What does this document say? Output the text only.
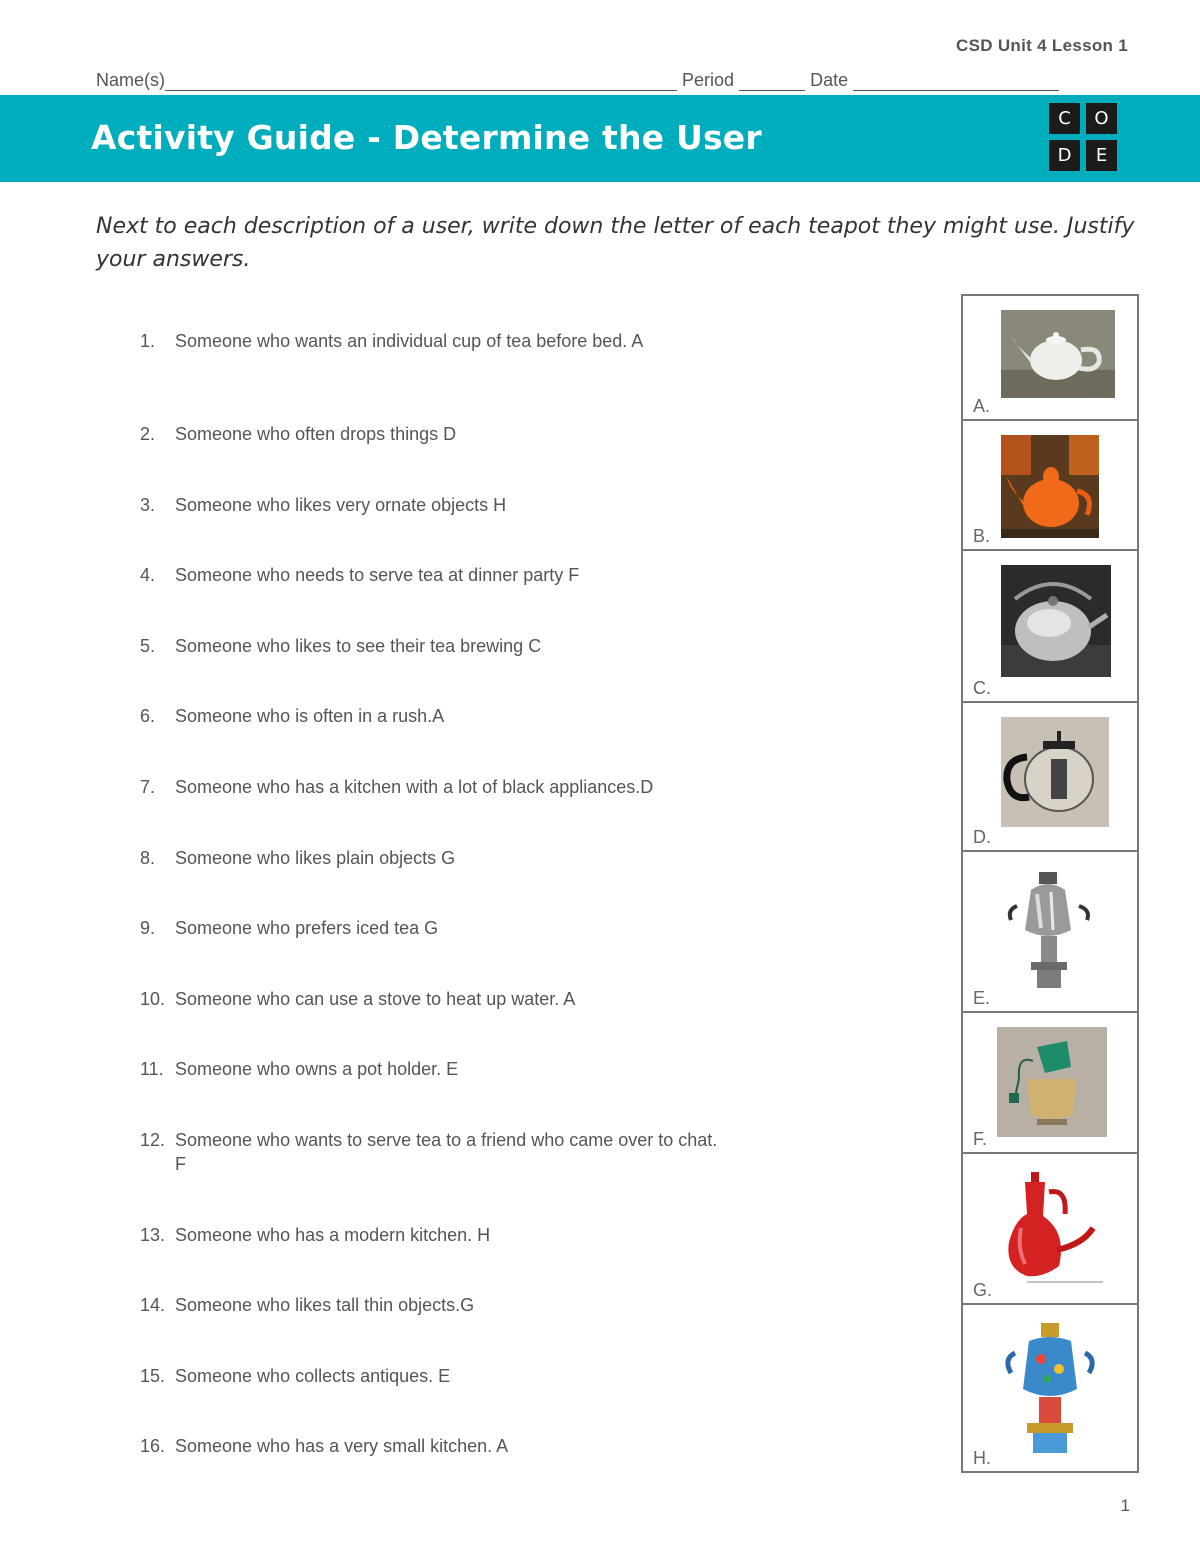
CSD Unit 4 Lesson 1
Name(s)	Period	Date
Activity Guide - Determine the User	C	O
D	E
Next to each description of a user, write down the letter of each teapot they might use. Justify your answers.
1. Someone who wants an individual cup of tea before bed. A
2. Someone who often drops things D
3. Someone who likes very ornate objects H
4. Someone who needs to serve tea at dinner party F
5. Someone who likes to see their tea brewing C
6. Someone who is often in a rush.A
7. Someone who has a kitchen with a lot of black appliances.D
8. Someone who likes plain objects G
9. Someone who prefers iced tea G
10. Someone who can use a stove to heat up water. A
11. Someone who owns a pot holder. E
12. Someone who wants to serve tea to a friend who came over to chat.
F
13. Someone who has a modern kitchen. H
14. Someone who likes tall thin objects.G
15. Someone who collects antiques. E
16. Someone who has a very small kitchen. A
A.
B.
C.
D.
E.
F.
G.
H.
1
